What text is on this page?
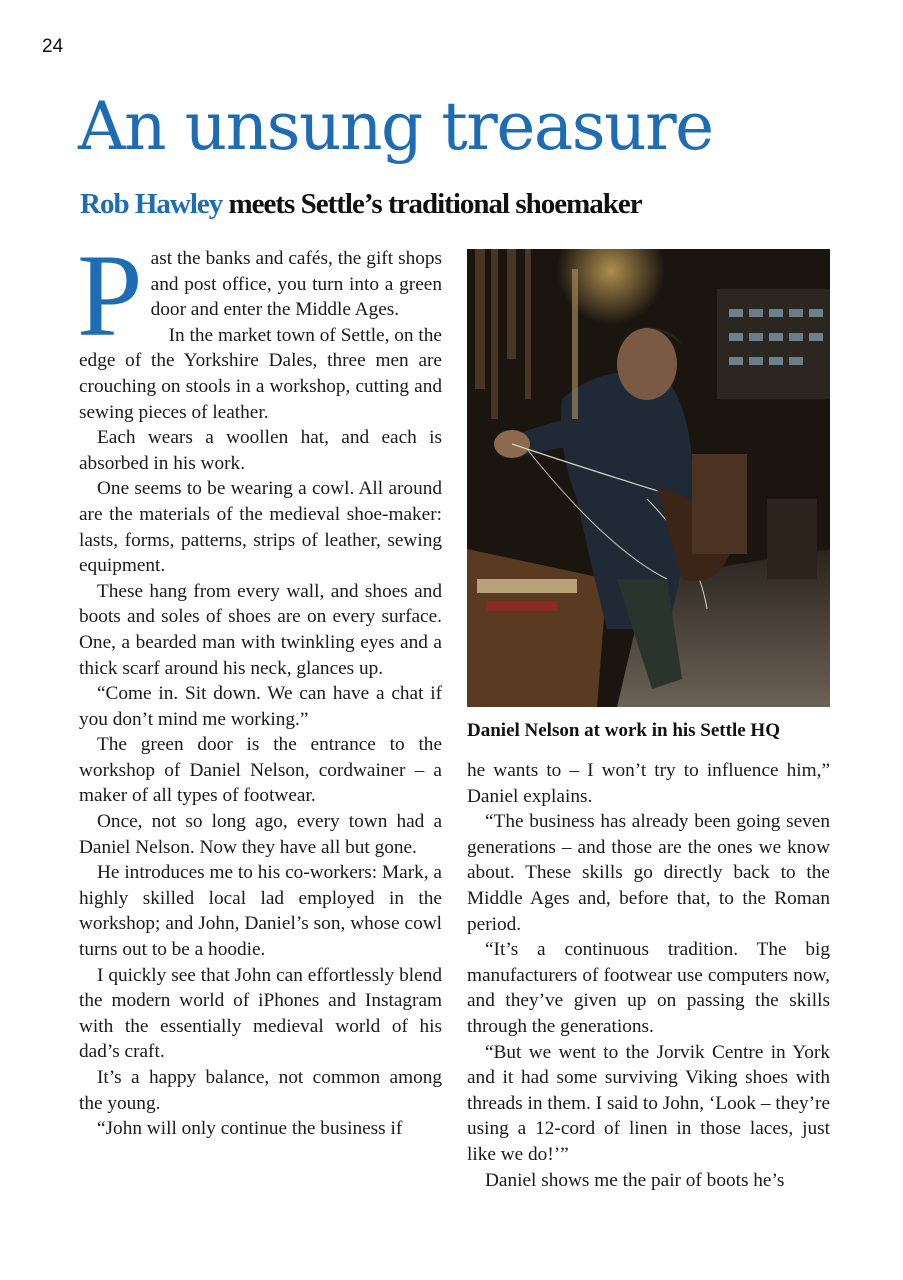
24
An unsung treasure
Rob Hawley meets Settle’s traditional shoemaker

Past the banks and cafés, the gift shops and post office, you turn into a green door and enter the Middle Ages.

In the market town of Settle, on the edge of the Yorkshire Dales, three men are crouching on stools in a workshop, cutting and sewing pieces of leather.

Each wears a woollen hat, and each is absorbed in his work.

One seems to be wearing a cowl. All around are the materials of the medieval shoe-maker: lasts, forms, patterns, strips of leather, sewing equipment.

These hang from every wall, and shoes and boots and soles of shoes are on every surface. One, a bearded man with twinkling eyes and a thick scarf around his neck, glances up.

“Come in. Sit down. We can have a chat if you don’t mind me working.”

The green door is the entrance to the workshop of Daniel Nelson, cordwainer – a maker of all types of footwear.

Once, not so long ago, every town had a Daniel Nelson. Now they have all but gone.

He introduces me to his co-workers: Mark, a highly skilled local lad employed in the workshop; and John, Daniel’s son, whose cowl turns out to be a hoodie.

I quickly see that John can effortlessly blend the modern world of iPhones and Instagram with the essentially medieval world of his dad’s craft.

It’s a happy balance, not common among the young.

“John will only continue the business if

Daniel Nelson at work in his Settle HQ

he wants to – I won’t try to influence him,” Daniel explains.

“The business has already been going seven generations – and those are the ones we know about. These skills go directly back to the Middle Ages and, before that, to the Roman period.

“It’s a continuous tradition. The big manufacturers of footwear use computers now, and they’ve given up on passing the skills through the generations.

“But we went to the Jorvik Centre in York and it had some surviving Viking shoes with threads in them. I said to John, ‘Look – they’re using a 12-cord of linen in those laces, just like we do!’”

Daniel shows me the pair of boots he’s
